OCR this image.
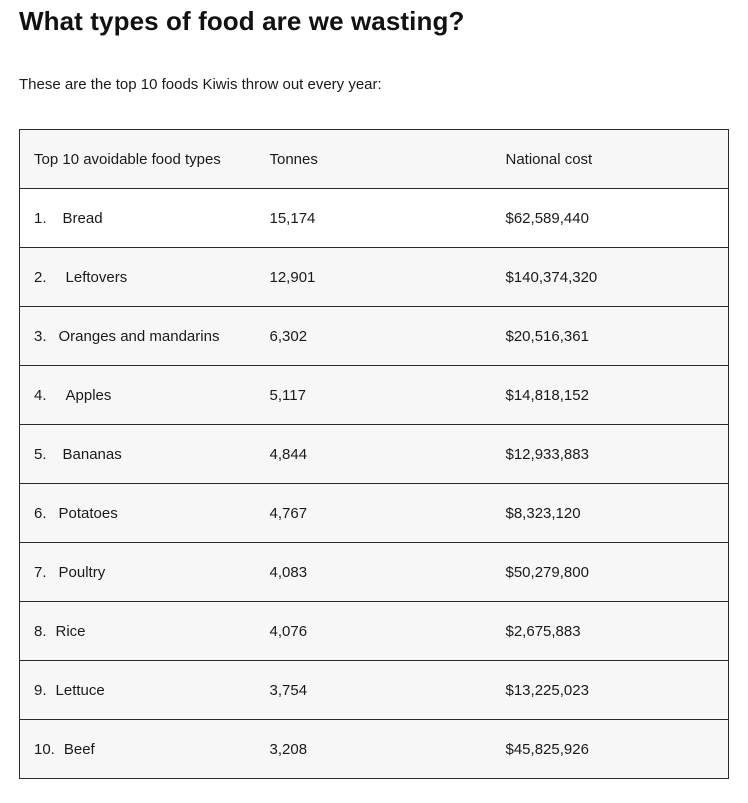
What types of food are we wasting?

These are the top 10 foods Kiwis throw out every year:

Top 10 avoidable food types	Tonnes	National cost
1. Bread	15,174	$62,589,440
2. Leftovers	12,901	$140,374,320
3. Oranges and mandarins	6,302	$20,516,361
4. Apples	5,117	$14,818,152
5. Bananas	4,844	$12,933,883
6. Potatoes	4,767	$8,323,120
7. Poultry	4,083	$50,279,800
8. Rice	4,076	$2,675,883
9. Lettuce	3,754	$13,225,023
10. Beef	3,208	$45,825,926
